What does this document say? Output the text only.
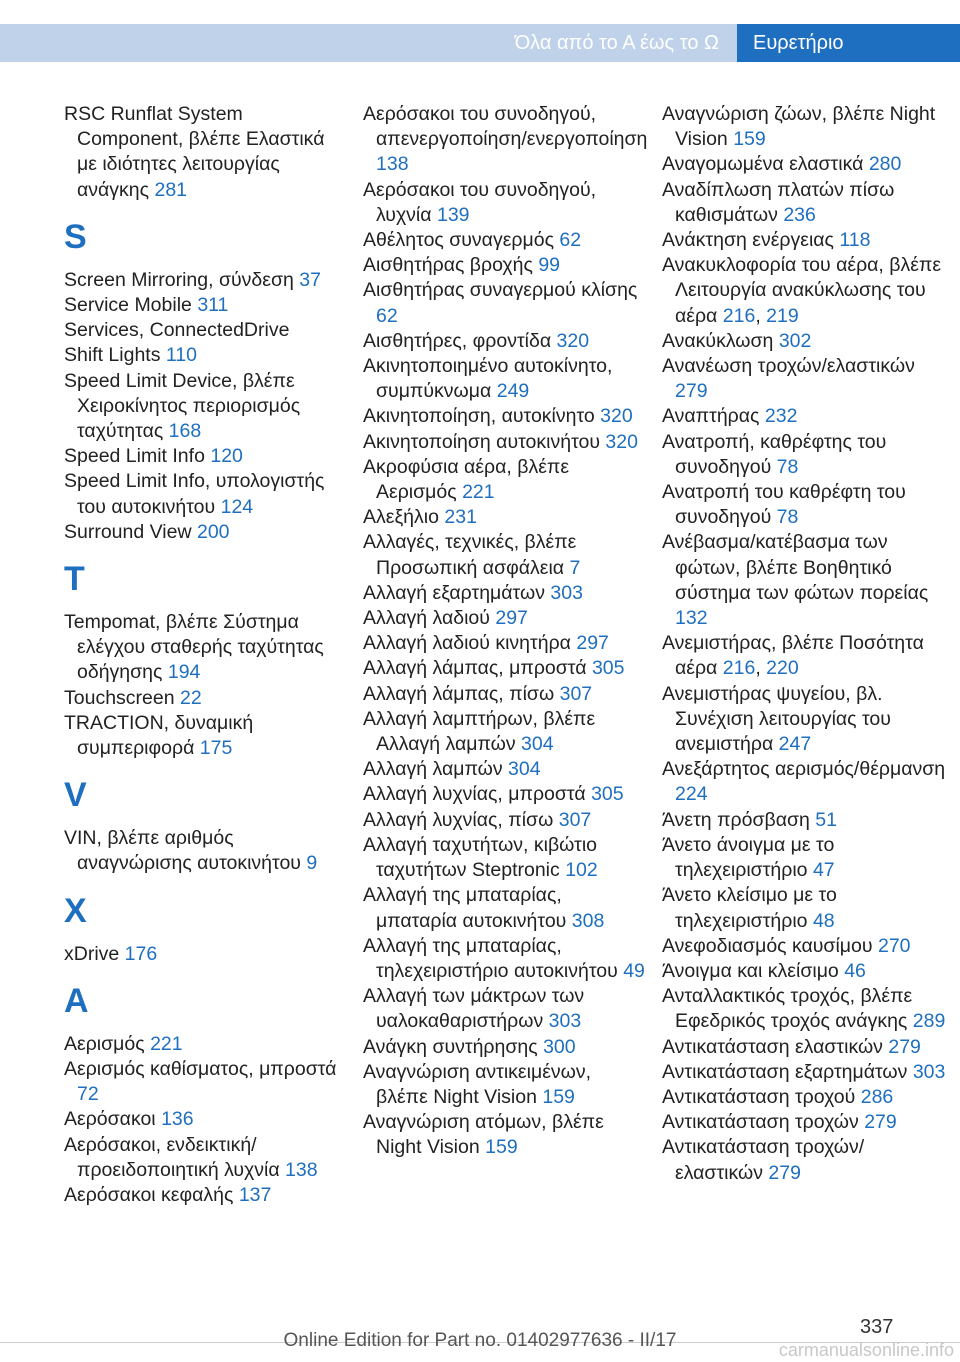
Όλα από το Α έως το Ω	Ευρετήριο
RSC Runflat System Component, βλέπε Ελαστικά με ιδιότητες λειτουργίας ανάγκης 281
S
Screen Mirroring, σύνδεση 37
Service Mobile 311
Services, ConnectedDrive
Shift Lights 110
Speed Limit Device, βλέπε Χειροκίνητος περιορισμός ταχύτητας 168
Speed Limit Info 120
Speed Limit Info, υπολογιστής του αυτοκινήτου 124
Surround View 200
T
Tempomat, βλέπε Σύστημα ελέγχου σταθερής ταχύτητας οδήγησης 194
Touchscreen 22
TRACTION, δυναμική συμπεριφορά 175
V
VIN, βλέπε αριθμός αναγνώρισης αυτοκινήτου 9
X
xDrive 176
Α
Αερισμός 221
Αερισμός καθίσματος, μπροστά 72
Αερόσακοι 136
Αερόσακοι, ενδεικτική/προειδοποιητική λυχνία 138
Αερόσακοι κεφαλής 137
Αερόσακοι του συνοδηγού, απενεργοποίηση/ενεργοποίηση 138
Αερόσακοι του συνοδηγού, λυχνία 139
Αθέλητος συναγερμός 62
Αισθητήρας βροχής 99
Αισθητήρας συναγερμού κλίσης 62
Αισθητήρες, φροντίδα 320
Ακινητοποιημένο αυτοκίνητο, συμπύκνωμα 249
Ακινητοποίηση, αυτοκίνητο 320
Ακινητοποίηση αυτοκινήτου 320
Ακροφύσια αέρα, βλέπε Αερισμός 221
Αλεξήλιο 231
Αλλαγές, τεχνικές, βλέπε Προσωπική ασφάλεια 7
Αλλαγή εξαρτημάτων 303
Αλλαγή λαδιού 297
Αλλαγή λαδιού κινητήρα 297
Αλλαγή λάμπας, μπροστά 305
Αλλαγή λάμπας, πίσω 307
Αλλαγή λαμπτήρων, βλέπε Αλλαγή λαμπών 304
Αλλαγή λαμπών 304
Αλλαγή λυχνίας, μπροστά 305
Αλλαγή λυχνίας, πίσω 307
Αλλαγή ταχυτήτων, κιβώτιο ταχυτήτων Steptronic 102
Αλλαγή της μπαταρίας, μπαταρία αυτοκινήτου 308
Αλλαγή της μπαταρίας, τηλεχειριστήριο αυτοκινήτου 49
Αλλαγή των μάκτρων των υαλοκαθαριστήρων 303
Ανάγκη συντήρησης 300
Αναγνώριση αντικειμένων, βλέπε Night Vision 159
Αναγνώριση ατόμων, βλέπε Night Vision 159
Αναγνώριση ζώων, βλέπε Night Vision 159
Αναγομωμένα ελαστικά 280
Αναδίπλωση πλατών πίσω καθισμάτων 236
Ανάκτηση ενέργειας 118
Ανακυκλοφορία του αέρα, βλέπε Λειτουργία ανακύκλωσης του αέρα 216, 219
Ανακύκλωση 302
Ανανέωση τροχών/ελαστικών 279
Αναπτήρας 232
Ανατροπή, καθρέφτης του συνοδηγού 78
Ανατροπή του καθρέφτη του συνοδηγού 78
Ανέβασμα/κατέβασμα των φώτων, βλέπε Βοηθητικό σύστημα των φώτων πορείας 132
Ανεμιστήρας, βλέπε Ποσότητα αέρα 216, 220
Ανεμιστήρας ψυγείου, βλ. Συνέχιση λειτουργίας του ανεμιστήρα 247
Ανεξάρτητος αερισμός/θέρμανση 224
Άνετη πρόσβαση 51
Άνετο άνοιγμα με το τηλεχειριστήριο 47
Άνετο κλείσιμο με το τηλεχειριστήριο 48
Ανεφοδιασμός καυσίμου 270
Άνοιγμα και κλείσιμο 46
Ανταλλακτικός τροχός, βλέπε Εφεδρικός τροχός ανάγκης 289
Αντικατάσταση ελαστικών 279
Αντικατάσταση εξαρτημάτων 303
Αντικατάσταση τροχού 286
Αντικατάσταση τροχών 279
Αντικατάσταση τροχών/ελαστικών 279
337
Online Edition for Part no. 01402977636 - II/17	carmanualsonline.info
